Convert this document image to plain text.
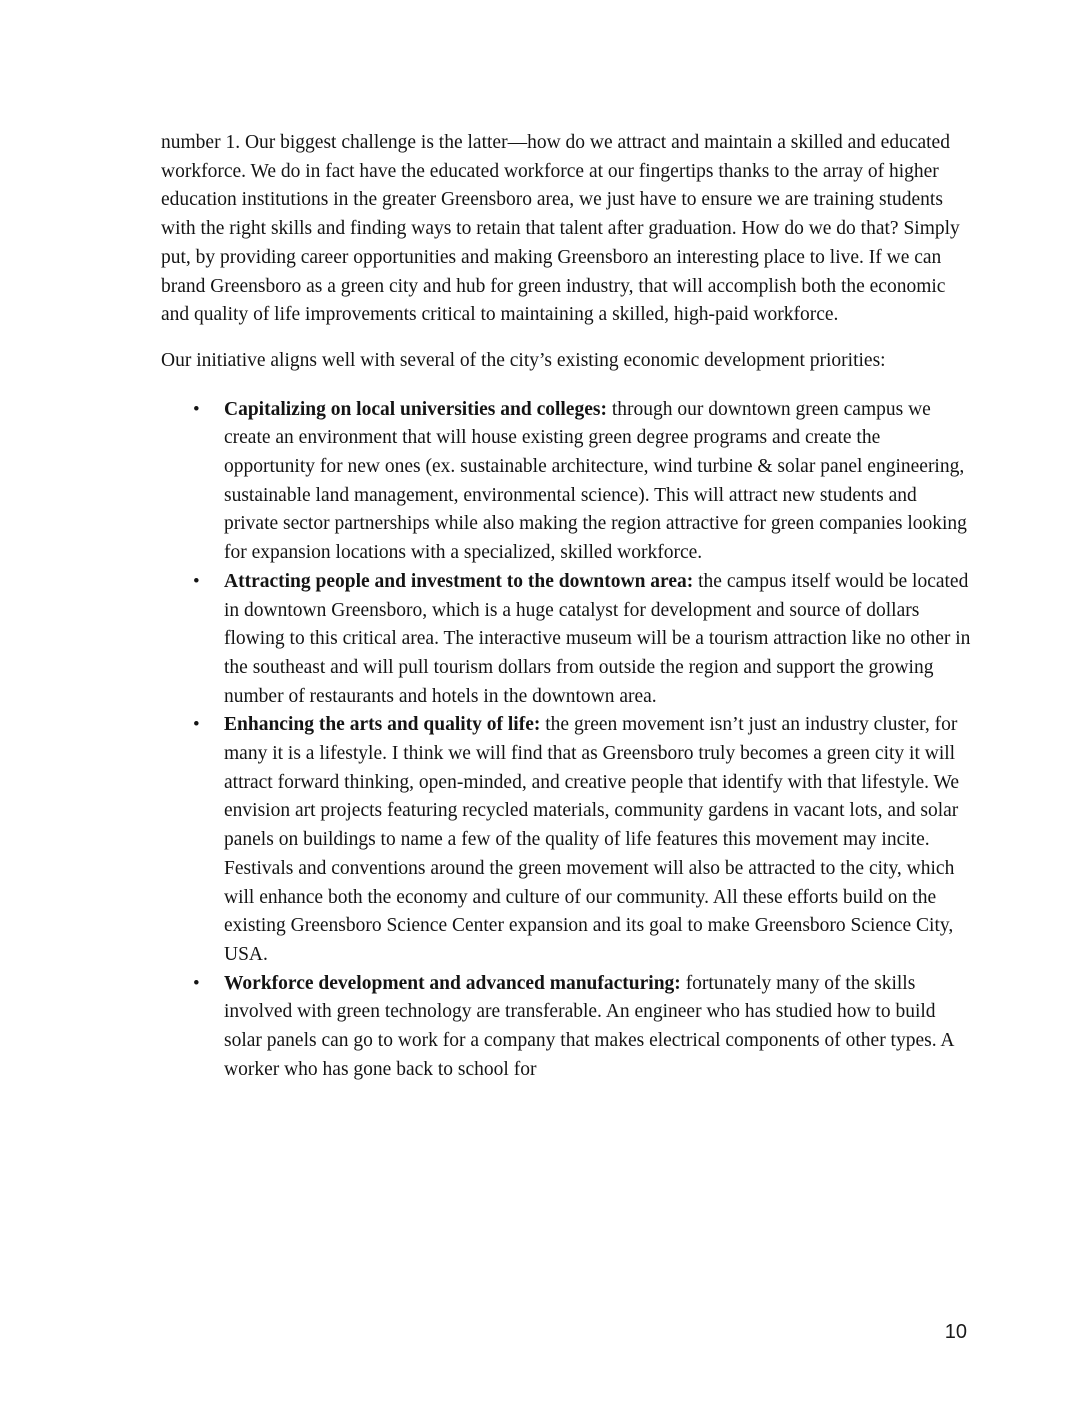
number 1. Our biggest challenge is the latter—how do we attract and maintain a skilled and educated workforce. We do in fact have the educated workforce at our fingertips thanks to the array of higher education institutions in the greater Greensboro area, we just have to ensure we are training students with the right skills and finding ways to retain that talent after graduation. How do we do that? Simply put, by providing career opportunities and making Greensboro an interesting place to live. If we can brand Greensboro as a green city and hub for green industry, that will accomplish both the economic and quality of life improvements critical to maintaining a skilled, high-paid workforce.

Our initiative aligns well with several of the city’s existing economic development priorities:

• Capitalizing on local universities and colleges: through our downtown green campus we create an environment that will house existing green degree programs and create the opportunity for new ones (ex. sustainable architecture, wind turbine & solar panel engineering, sustainable land management, environmental science). This will attract new students and private sector partnerships while also making the region attractive for green companies looking for expansion locations with a specialized, skilled workforce.
• Attracting people and investment to the downtown area: the campus itself would be located in downtown Greensboro, which is a huge catalyst for development and source of dollars flowing to this critical area. The interactive museum will be a tourism attraction like no other in the southeast and will pull tourism dollars from outside the region and support the growing number of restaurants and hotels in the downtown area.
• Enhancing the arts and quality of life: the green movement isn’t just an industry cluster, for many it is a lifestyle. I think we will find that as Greensboro truly becomes a green city it will attract forward thinking, open-minded, and creative people that identify with that lifestyle. We envision art projects featuring recycled materials, community gardens in vacant lots, and solar panels on buildings to name a few of the quality of life features this movement may incite. Festivals and conventions around the green movement will also be attracted to the city, which will enhance both the economy and culture of our community. All these efforts build on the existing Greensboro Science Center expansion and its goal to make Greensboro Science City, USA.
• Workforce development and advanced manufacturing: fortunately many of the skills involved with green technology are transferable. An engineer who has studied how to build solar panels can go to work for a company that makes electrical components of other types. A worker who has gone back to school for
10
